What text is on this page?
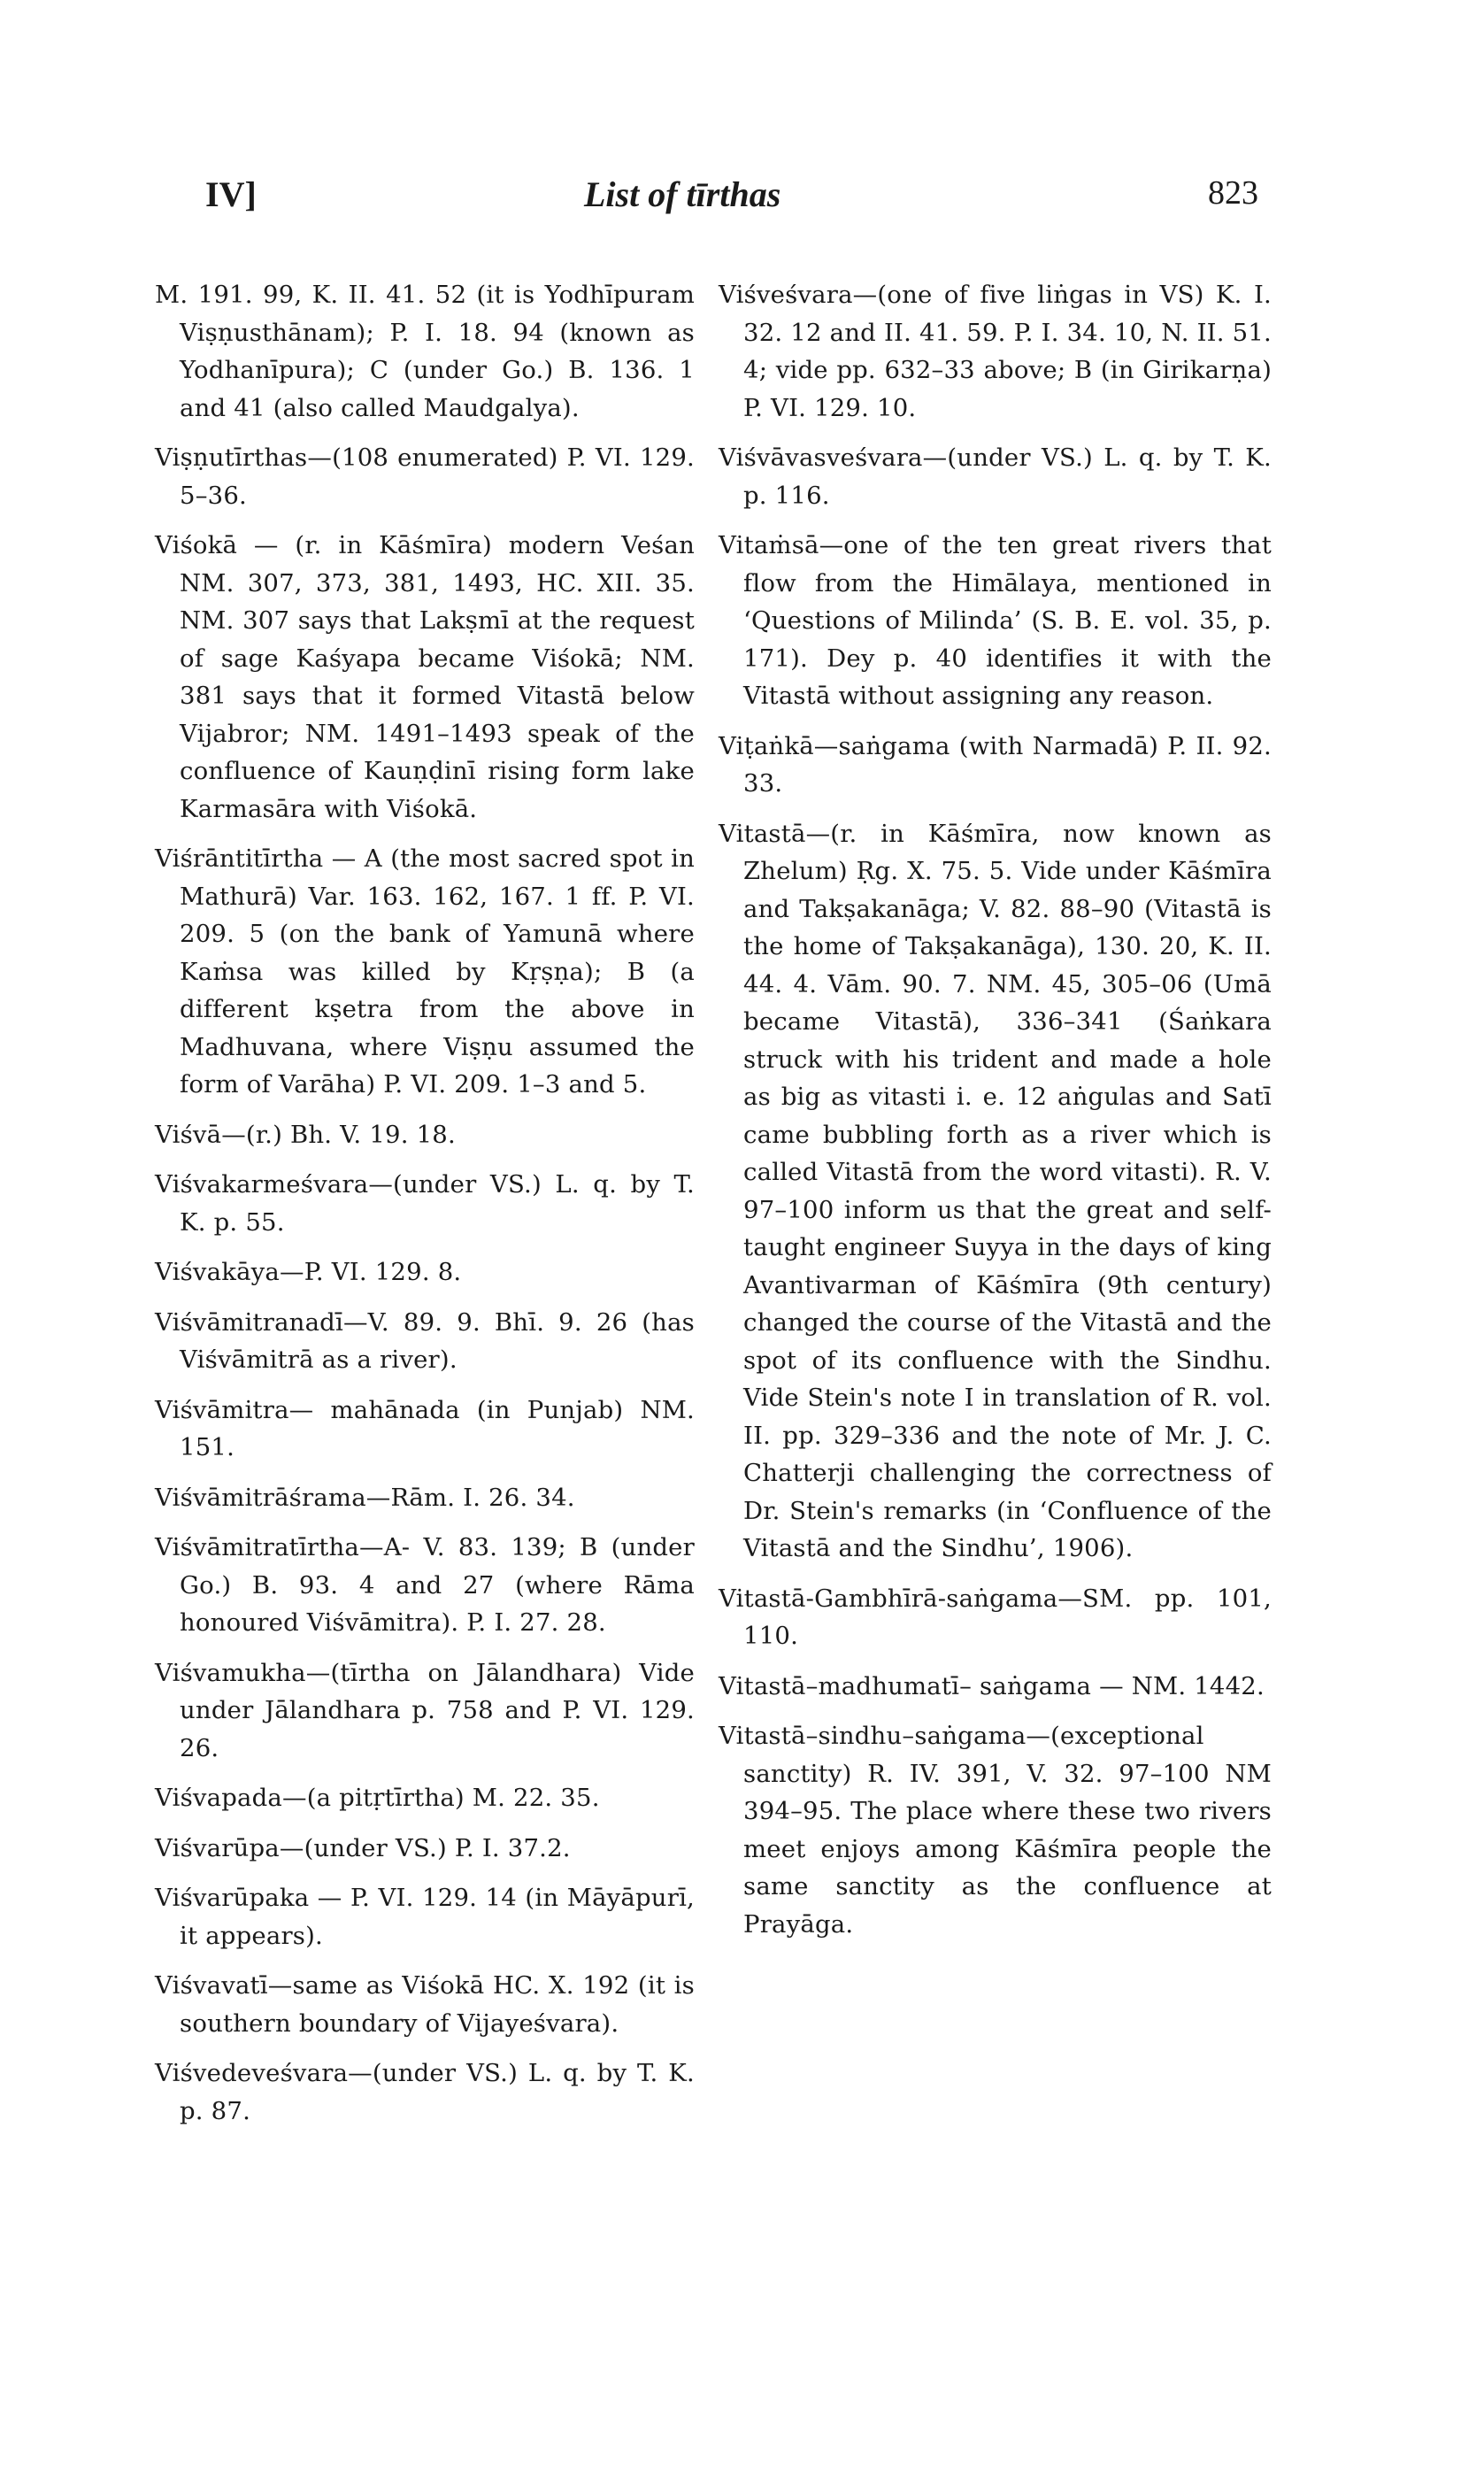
IV]	List of tīrthas	823

M. 191. 99, K. II. 41. 52 (it is Yodhīpuram Viṣṇusthānam); P. I. 18. 94 (known as Yodhanīpura); C (under Go.) B. 136. 1 and 41 (also called Maudgalya).

Viṣṇutīrthas—(108 enumerated) P. VI. 129. 5–36.

Viśokā — (r. in Kāśmīra) modern Veśan NM. 307, 373, 381, 1493, HC. XII. 35. NM. 307 says that Lakṣmī at the request of sage Kaśyapa became Viśokā; NM. 381 says that it formed Vitastā below Vijabror; NM. 1491–1493 speak of the confluence of Kauṇḍinī rising form lake Karmasāra with Viśokā.

Viśrāntitīrtha — A (the most sacred spot in Mathurā) Var. 163. 162, 167. 1 ff. P. VI. 209. 5 (on the bank of Yamunā where Kaṁsa was killed by Kṛṣṇa); B (a different kṣetra from the above in Madhuvana, where Viṣṇu assumed the form of Varāha) P. VI. 209. 1–3 and 5.

Viśvā—(r.) Bh. V. 19. 18.

Viśvakarmeśvara—(under VS.) L. q. by T. K. p. 55.

Viśvakāya—P. VI. 129. 8.

Viśvāmitranadī—V. 89. 9. Bhī. 9. 26 (has Viśvāmitrā as a river).

Viśvāmitra— mahānada (in Punjab) NM. 151.

Viśvāmitrāśrama—Rām. I. 26. 34.

Viśvāmitratīrtha—A- V. 83. 139; B (under Go.) B. 93. 4 and 27 (where Rāma honoured Viśvāmitra). P. I. 27. 28.

Viśvamukha—(tīrtha on Jālandhara) Vide under Jālandhara p. 758 and P. VI. 129. 26.

Viśvapada—(a pitṛtīrtha) M. 22. 35.

Viśvarūpa—(under VS.) P. I. 37.2.

Viśvarūpaka — P. VI. 129. 14 (in Māyāpurī, it appears).

Viśvavatī—same as Viśokā HC. X. 192 (it is southern boundary of Vijayeśvara).

Viśvedeveśvara—(under VS.) L. q. by T. K. p. 87.

Viśveśvara—(one of five liṅgas in VS) K. I. 32. 12 and II. 41. 59. P. I. 34. 10, N. II. 51. 4; vide pp. 632–33 above; B (in Girikarṇa) P. VI. 129. 10.

Viśvāvasveśvara—(under VS.) L. q. by T. K. p. 116.

Vitaṁsā—one of the ten great rivers that flow from the Himālaya, mentioned in ‘Questions of Milinda’ (S. B. E. vol. 35, p. 171). Dey p. 40 identifies it with the Vitastā without assigning any reason.

Viṭaṅkā—saṅgama (with Narmadā) P. II. 92. 33.

Vitastā—(r. in Kāśmīra, now known as Zhelum) Ṛg. X. 75. 5. Vide under Kāśmīra and Takṣakanāga; V. 82. 88–90 (Vitastā is the home of Takṣakanāga), 130. 20, K. II. 44. 4. Vām. 90. 7. NM. 45, 305–06 (Umā became Vitastā), 336–341 (Śaṅkara struck with his trident and made a hole as big as vitasti i. e. 12 aṅgulas and Satī came bubbling forth as a river which is called Vitastā from the word vitasti). R. V. 97–100 inform us that the great and self-taught engineer Suyya in the days of king Avantivarman of Kāśmīra (9th century) changed the course of the Vitastā and the spot of its confluence with the Sindhu. Vide Stein's note I in translation of R. vol. II. pp. 329–336 and the note of Mr. J. C. Chatterji challenging the correctness of Dr. Stein's remarks (in ‘Confluence of the Vitastā and the Sindhu’, 1906).

Vitastā-Gambhīrā-saṅgama—SM. pp. 101, 110.

Vitastā–madhumatī– saṅgama — NM. 1442.

Vitastā–sindhu–saṅgama—(exceptional sanctity) R. IV. 391, V. 32. 97–100 NM 394–95. The place where these two rivers meet enjoys among Kāśmīra people the same sanctity as the confluence at Prayāga.
